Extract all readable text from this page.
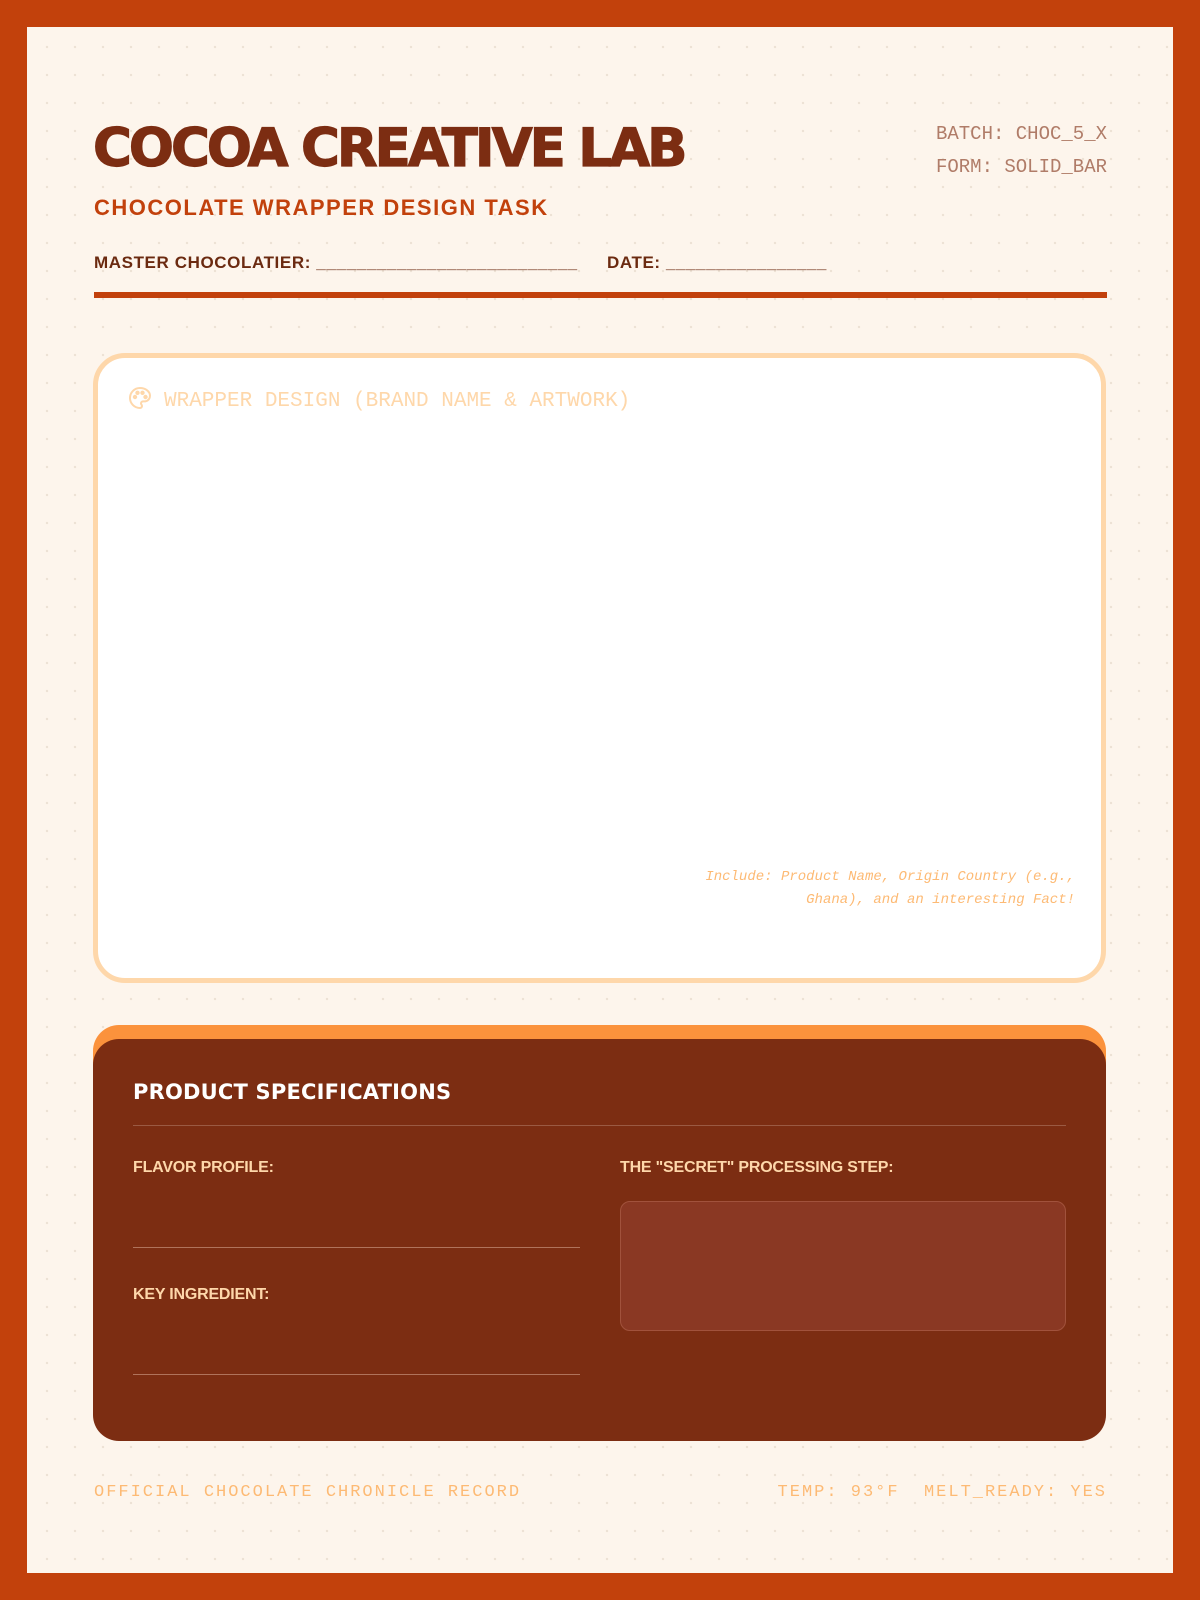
COCOA CREATIVE LAB
CHOCOLATE WRAPPER DESIGN TASK
BATCH: CHOC_5_X
FORM: SOLID_BAR
MASTER CHOCOLATIER: __________________________ DATE: ________________
WRAPPER DESIGN (BRAND NAME & ARTWORK)
Include: Product Name, Origin Country (e.g., Ghana), and an interesting Fact!
PRODUCT SPECIFICATIONS
FLAVOR PROFILE:
KEY INGREDIENT:
THE "SECRET" PROCESSING STEP:
OFFICIAL CHOCOLATE CHRONICLE RECORD	TEMP: 93°F  MELT_READY: YES
